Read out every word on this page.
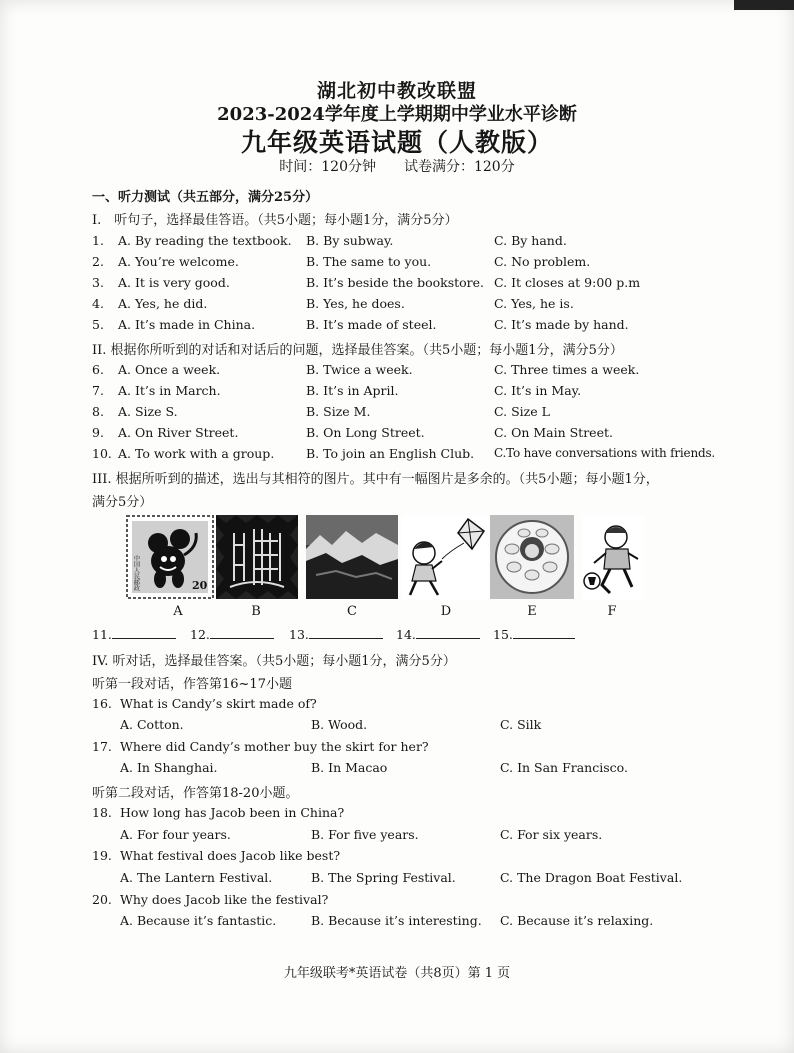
湖北初中教改联盟
2023-2024学年度上学期期中学业水平诊断
九年级英语试题（人教版）
时间：120分钟　　试卷满分：120分
一、听力测试（共五部分，满分25分）
I.　听句子，选择最佳答语。（共5小题；每小题1分，满分5分）
1. A. By reading the textbook. B. By subway.	C. By hand.
2. A. You’re welcome.	B. The same to you.	C. No problem.
3. A. It is very good.	B. It’s beside the bookstore. C. It closes at 9:00 p.m
4. A. Yes, he did.	B. Yes, he does.	C. Yes, he is.
5. A. It’s made in China.	B. It’s made of steel.	C. It’s made by hand.
II. 根据你所听到的对话和对话后的问题，选择最佳答案。（共5小题；每小题1分，满分5分）
6. A. Once a week.	B. Twice a week.	C. Three times a week.
7. A. It’s in March.	B. It’s in April.	C. It’s in May.
8. A. Size S.	B. Size M.	C. Size L
9. A. On River Street.	B. On Long Street.	C. On Main Street.
10. A. To work with a group.	B. To join an English Club. C.To have conversations with friends.
III. 根据所听到的描述，选出与其相符的图片。其中有一幅图片是多余的。（共5小题；每小题1分，
满分5分）
中国人民邮政	20
A	B	C	D	E	F
11.	12.	13.	14.	15.
IV. 听对话，选择最佳答案。（共5小题；每小题1分，满分5分）
听第一段对话，作答第16~17小题
16. What is Candy’s skirt made of?
A. Cotton.	B. Wood.	C. Silk
17. Where did Candy’s mother buy the skirt for her?
A. In Shanghai.	B. In Macao	C. In San Francisco.
听第二段对话，作答第18-20小题。
18. How long has Jacob been in China?
A. For four years.	B. For five years.	C. For six years.
19. What festival does Jacob like best?
A. The Lantern Festival.	B. The Spring Festival.	C. The Dragon Boat Festival.
20. Why does Jacob like the festival?
A. Because it’s fantastic.	B. Because it’s interesting. C. Because it’s relaxing.
九年级联考*英语试卷（共8页）第 1 页
